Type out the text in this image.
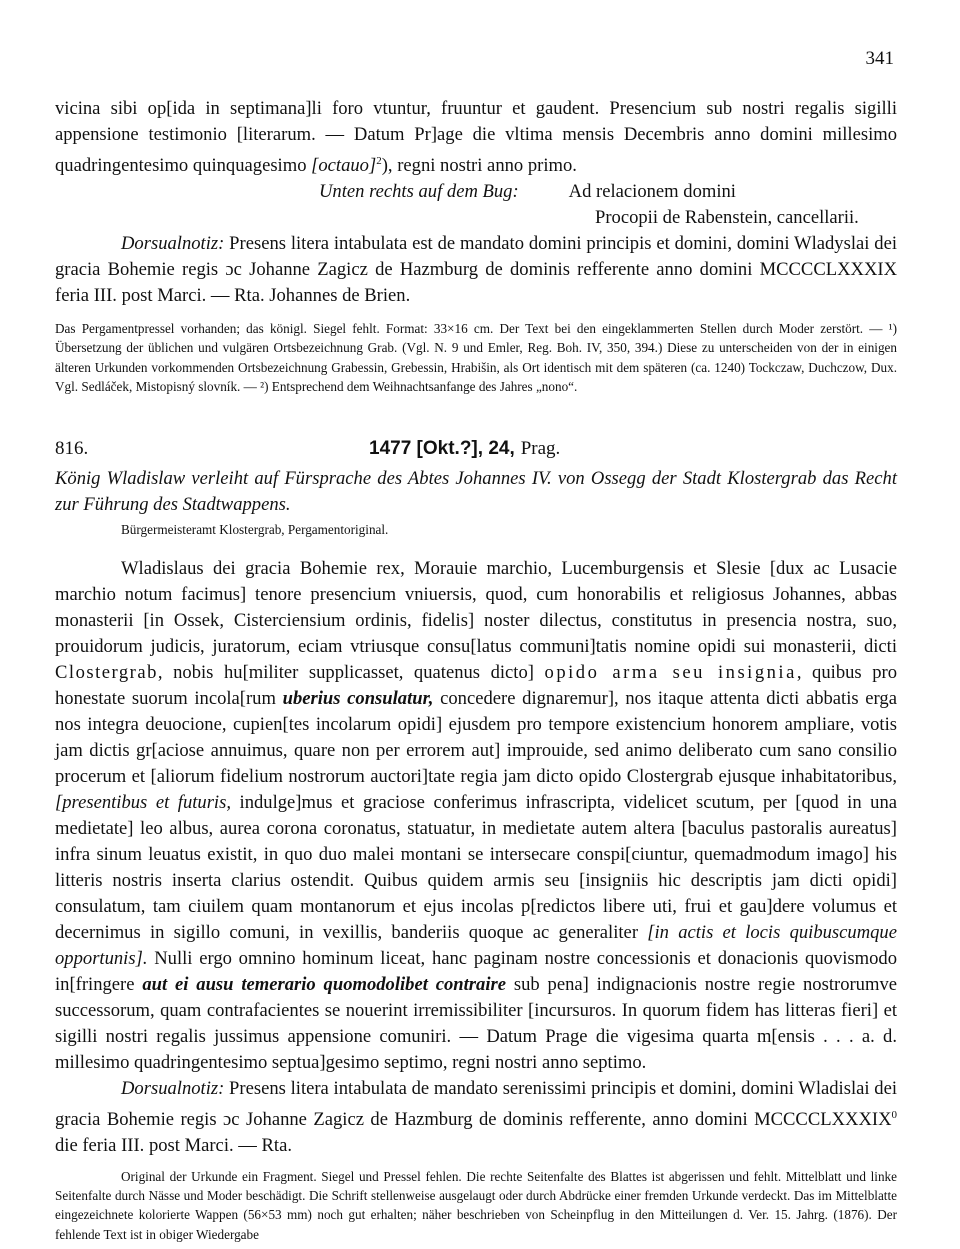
341

vicina sibi op[ida in septimana]li foro vtuntur, fruuntur et gaudent. Presencium sub nostri regalis sigilli appensione testimonio [literarum. — Datum Pr]age die vltima mensis Decembris anno domini millesimo quadringentesimo quinquagesimo [octauo]$^2$), regni nostri anno primo.

Unten rechts auf dem Bug:	Ad relacionem domini

Procopii de Rabenstein, cancellarii.

Dorsualnotiz: Presens litera intabulata est de mandato domini principis et domini, domini Wladyslai dei gracia Bohemie regis ɔc Johanne Zagicz de Hazmburg de dominis refferente anno domini MCCCCLXXXIX feria III. post Marci. — Rta. Johannes de Brien.

Das Pergamentpressel vorhanden; das königl. Siegel fehlt. Format: 33×16 cm. Der Text bei den eingeklammerten Stellen durch Moder zerstört. — ¹) Übersetzung der üblichen und vulgären Ortsbezeichnung Grab. (Vgl. N. 9 und Emler, Reg. Boh. IV, 350, 394.) Diese zu unterscheiden von der in einigen älteren Urkunden vorkommenden Ortsbezeichnung Grabessin, Grebessin, Hrabišin, als Ort identisch mit dem späteren (ca. 1240) Tockczaw, Duchczow, Dux. Vgl. Sedláček, Mistopisný slovník. — ²) Entsprechend dem Weihnachtsanfange des Jahres „nono“.

816.	1477 [Okt.?], 24, Prag.

König Wladislaw verleiht auf Fürsprache des Abtes Johannes IV. von Ossegg der Stadt Klostergrab das Recht zur Führung des Stadtwappens.

Bürgermeisteramt Klostergrab, Pergamentoriginal.

Wladislaus dei gracia Bohemie rex, Morauie marchio, Lucemburgensis et Slesie [dux ac Lusacie marchio notum facimus] tenore presencium vniuersis, quod, cum honorabilis et religiosus Johannes, abbas monasterii [in Ossek, Cisterciensium ordinis, fidelis] noster dilectus, constitutus in presencia nostra, suo, prouidorum judicis, juratorum, eciam vtriusque consu[latus communi]tatis nomine opidi sui monasterii, dicti Clostergrab, nobis hu[militer supplicasset, quatenus dicto] opido arma seu insignia, quibus pro honestate suorum incola[rum uberius consulatur, concedere dignaremur], nos itaque attenta dicti abbatis erga nos integra deuocione, cupien[tes incolarum opidi] ejusdem pro tempore existencium honorem ampliare, votis jam dictis gr[aciose annuimus, quare non per errorem aut] improuide, sed animo deliberato cum sano consilio procerum et [aliorum fidelium nostrorum auctori]tate regia jam dicto opido Clostergrab ejusque inhabitatoribus, [presentibus et futuris, indulge]mus et graciose conferimus infrascripta, videlicet scutum, per [quod in una medietate] leo albus, aurea corona coronatus, statuatur, in medietate autem altera [baculus pastoralis aureatus] infra sinum leuatus existit, in quo duo malei montani se intersecare conspi[ciuntur, quemadmodum imago] his litteris nostris inserta clarius ostendit. Quibus quidem armis seu [insigniis hic descriptis jam dicti opidi] consulatum, tam ciuilem quam montanorum et ejus incolas p[redictos libere uti, frui et gau]dere volumus et decernimus in sigillo comuni, in vexillis, banderiis quoque ac generaliter [in actis et locis quibuscumque opportunis]. Nulli ergo omnino hominum liceat, hanc paginam nostre concessionis et donacionis quovismodo in[fringere aut ei ausu temerario quomodolibet contraire sub pena] indignacionis nostre regie nostrorumve successorum, quam contrafacientes se nouerint irremissibiliter [incursuros. In quorum fidem has litteras fieri] et sigilli nostri regalis jussimus appensione comuniri. — Datum Prage die vigesima quarta m[ensis . . . a. d. millesimo quadringentesimo septua]gesimo septimo, regni nostri anno septimo.

Dorsualnotiz: Presens litera intabulata de mandato serenissimi principis et domini, domini Wladislai dei gracia Bohemie regis ɔc Johanne Zagicz de Hazmburg de dominis refferente, anno domini MCCCCLXXXIX$^0$ die feria III. post Marci. — Rta.

Original der Urkunde ein Fragment. Siegel und Pressel fehlen. Die rechte Seitenfalte des Blattes ist abgerissen und fehlt. Mittelblatt und linke Seitenfalte durch Nässe und Moder beschädigt. Die Schrift stellenweise ausgelaugt oder durch Abdrücke einer fremden Urkunde verdeckt. Das im Mittelblatte eingezeichnete kolorierte Wappen (56×53 mm) noch gut erhalten; näher beschrieben von Scheinpflug in den Mitteilungen d. Ver. 15. Jahrg. (1876). Der fehlende Text ist in obiger Wiedergabe
